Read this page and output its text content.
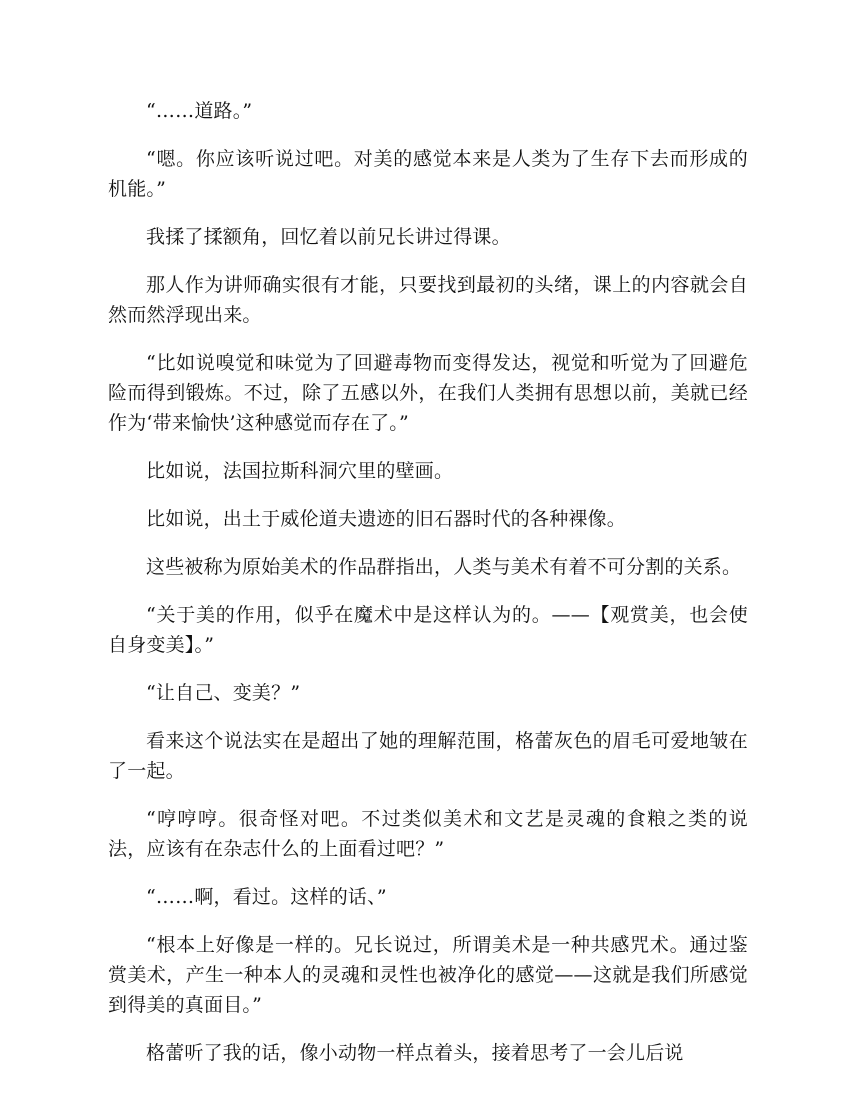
“……道路。”

“嗯。你应该听说过吧。对美的感觉本来是人类为了生存下去而形成的机能。”

我揉了揉额角，回忆着以前兄长讲过得课。

那人作为讲师确实很有才能，只要找到最初的头绪，课上的内容就会自然而然浮现出来。

“比如说嗅觉和味觉为了回避毒物而变得发达，视觉和听觉为了回避危险而得到锻炼。不过，除了五感以外，在我们人类拥有思想以前，美就已经作为‘带来愉快’这种感觉而存在了。”

比如说，法国拉斯科洞穴里的壁画。

比如说，出土于威伦道夫遗迹的旧石器时代的各种裸像。

这些被称为原始美术的作品群指出，人类与美术有着不可分割的关系。

“关于美的作用，似乎在魔术中是这样认为的。——【观赏美，也会使自身变美】。”

“让自己、变美？”

看来这个说法实在是超出了她的理解范围，格蕾灰色的眉毛可爱地皱在了一起。

“哼哼哼。很奇怪对吧。不过类似美术和文艺是灵魂的食粮之类的说法，应该有在杂志什么的上面看过吧？”

“……啊，看过。这样的话、”

“根本上好像是一样的。兄长说过，所谓美术是一种共感咒术。通过鉴赏美术，产生一种本人的灵魂和灵性也被净化的感觉——这就是我们所感觉到得美的真面目。”

格蕾听了我的话，像小动物一样点着头，接着思考了一会儿后说
